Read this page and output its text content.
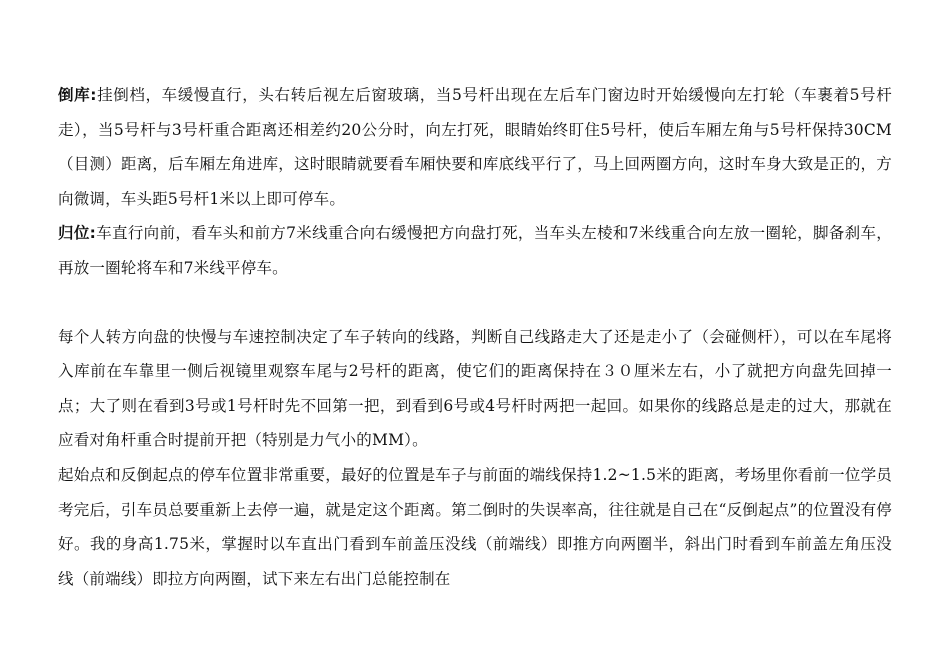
倒库:挂倒档，车缓慢直行，头右转后视左后窗玻璃，当5号杆出现在左后车门窗边时开始缓慢向左打轮（车裹着5号杆走），当5号杆与3号杆重合距离还相差约20公分时，向左打死，眼睛始终盯住5号杆，使后车厢左角与5号杆保持30CM（目测）距离，后车厢左角进库，这时眼睛就要看车厢快要和库底线平行了，马上回两圈方向，这时车身大致是正的，方向微调，车头距5号杆1米以上即可停车。

归位:车直行向前，看车头和前方7米线重合向右缓慢把方向盘打死，当车头左棱和7米线重合向左放一圈轮，脚备刹车，再放一圈轮将车和7米线平停车。

每个人转方向盘的快慢与车速控制决定了车子转向的线路，判断自己线路走大了还是走小了（会碰侧杆），可以在车尾将入库前在车靠里一侧后视镜里观察车尾与2号杆的距离，使它们的距离保持在３０厘米左右，小了就把方向盘先回掉一点；大了则在看到3号或1号杆时先不回第一把，到看到6号或4号杆时两把一起回。如果你的线路总是走的过大，那就在应看对角杆重合时提前开把（特别是力气小的MM）。

起始点和反倒起点的停车位置非常重要，最好的位置是车子与前面的端线保持1.2~1.5米的距离，考场里你看前一位学员考完后，引车员总要重新上去停一遍，就是定这个距离。第二倒时的失误率高，往往就是自己在“反倒起点”的位置没有停好。我的身高1.75米，掌握时以车直出门看到车前盖压没线（前端线）即推方向两圈半，斜出门时看到车前盖左角压没线（前端线）即拉方向两圈，试下来左右出门总能控制在
